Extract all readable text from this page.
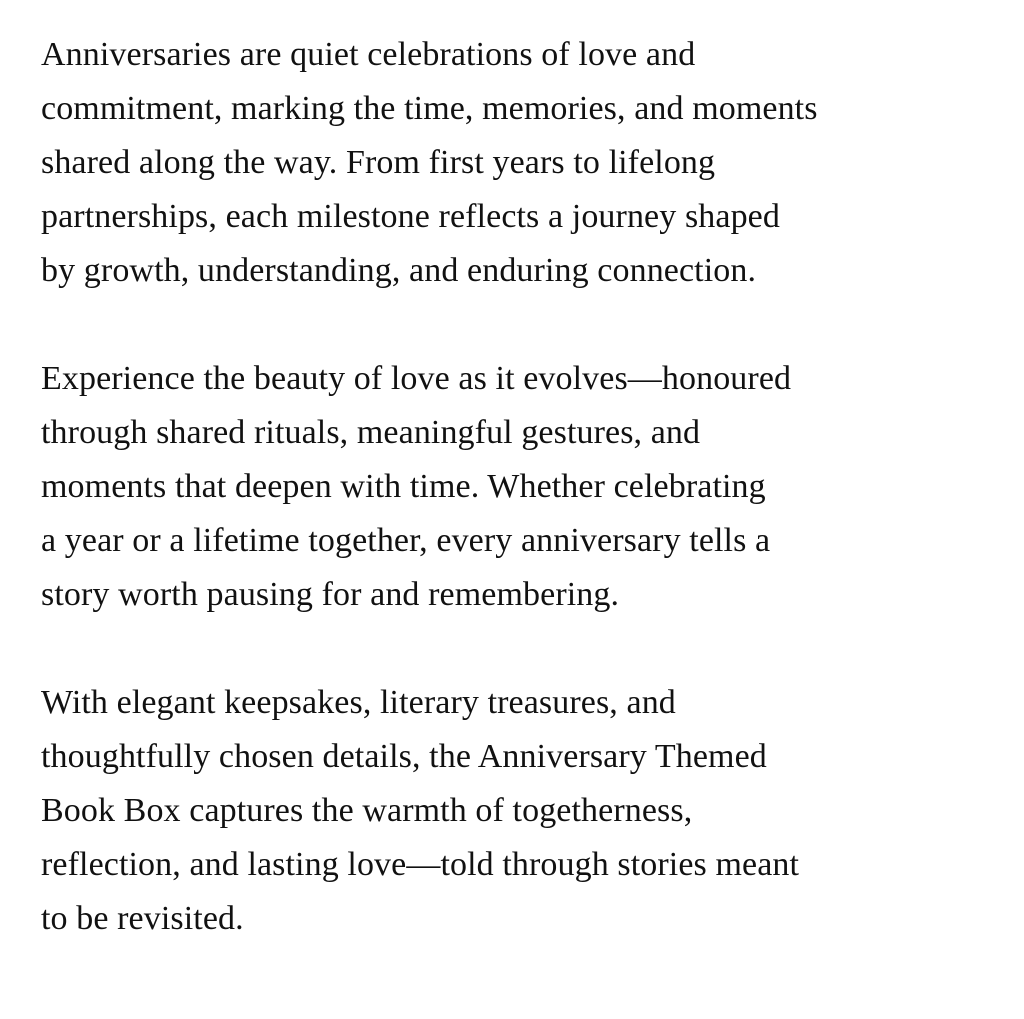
Anniversaries are quiet celebrations of love and
commitment, marking the time, memories, and moments
shared along the way. From first years to lifelong
partnerships, each milestone reflects a journey shaped
by growth, understanding, and enduring connection.

Experience the beauty of love as it evolves—honoured
through shared rituals, meaningful gestures, and
moments that deepen with time. Whether celebrating
a year or a lifetime together, every anniversary tells a
story worth pausing for and remembering.

With elegant keepsakes, literary treasures, and
thoughtfully chosen details, the Anniversary Themed
Book Box captures the warmth of togetherness,
reflection, and lasting love—told through stories meant
to be revisited.
